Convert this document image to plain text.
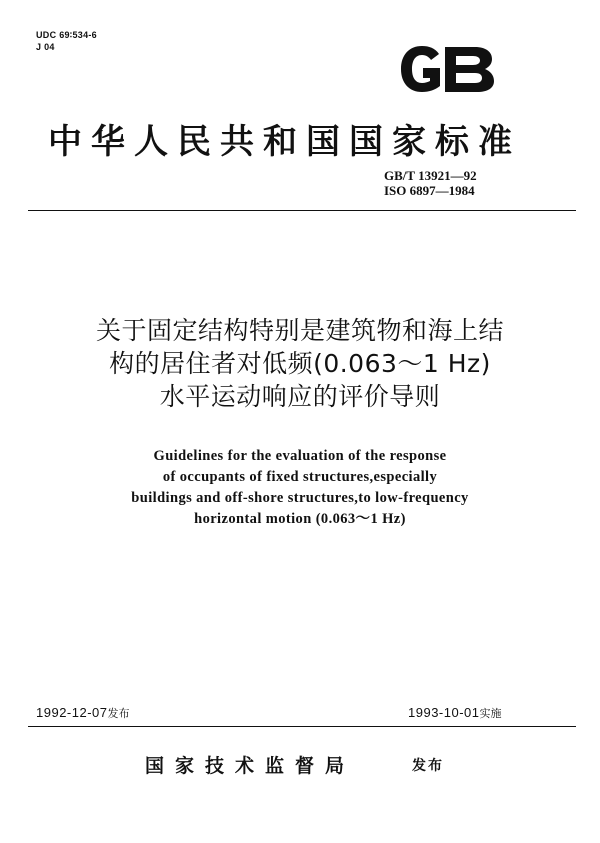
UDC 69∶534-6
J 04
中华人民共和国国家标准
GB/T 13921—92
ISO 6897—1984
关于固定结构特别是建筑物和海上结
构的居住者对低频(0.063～1 Hz)
水平运动响应的评价导则
Guidelines for the evaluation of the response
of occupants of fixed structures,especially
buildings and off-shore structures,to low-frequency
horizontal motion (0.063～1 Hz)
1992-12-07发布	1993-10-01实施
国家技术监督局	发布
